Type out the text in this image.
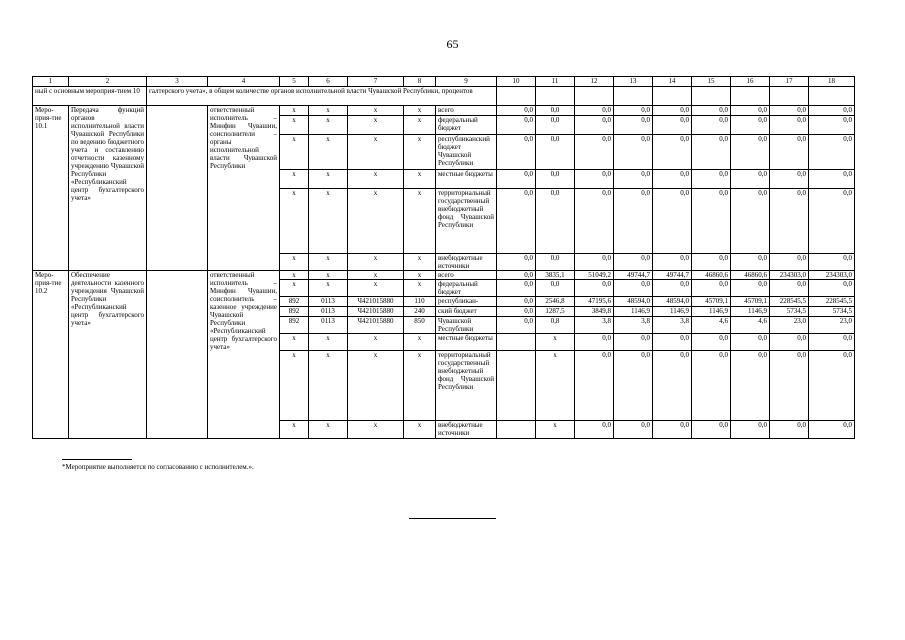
65
1	2	3	4	5	6	7	8	9	10	11	12	13	14	15	16	17	18
ный с основным мероприя-тием 10		галтерского учета», в общем количестве органов исполнительной власти Чувашской Республики, процентов															
Меро-прия-тие 10.1	Передача функций органов исполнительной власти Чувашской Республики по ведению бюджетного учета и составлению отчетности казенному учреждению Чувашской Республики «Республиканский центр бухгалтерского учета»		ответственный исполнитель – Минфин Чувашии, соисполнители – органы исполнительной власти Чувашской Республики	x	x	x	x	всего	0,0	0,0	0,0	0,0	0,0	0,0	0,0	0,0	0,0
				x	x	x	x	федеральный бюджет	0,0	0,0	0,0	0,0	0,0	0,0	0,0	0,0	0,0
				x	x	x	x	республиканский бюджет Чувашской Республики	0,0	0,0	0,0	0,0	0,0	0,0	0,0	0,0	0,0
				x	x	x	x	местные бюджеты	0,0	0,0	0,0	0,0	0,0	0,0	0,0	0,0	0,0
				x	x	x	x	территориальный государственный внебюджетный фонд Чувашской Республики	0,0	0,0	0,0	0,0	0,0	0,0	0,0	0,0	0,0
				x	x	x	x	внебюджетные источники	0,0	0,0	0,0	0,0	0,0	0,0	0,0	0,0	0,0
Меро-прия-тие 10.2	Обеспечение деятельности казенного учреждения Чувашской Республики «Республиканский центр бухгалтерского учета»		ответственный исполнитель – Минфин Чувашии, соисполнитель – казенное учреждение Чувашской Республики «Республиканский центр бухгалтерского учета»	x	x	x	x	всего	0,0	3835,1	51049,2	49744,7	49744,7	46860,6	46860,6	234303,0	234303,0
				x	x	x	x	федеральный бюджет	0,0	0,0	0,0	0,0	0,0	0,0	0,0	0,0	0,0
				892	0113	Ч421015880	110	республикан-	0,0	2546,8	47195,6	48594,0	48594,0	45709,1	45709,1	228545,5	228545,5
				892	0113	Ч421015880	240	ский бюджет	0,0	1287,5	3849,8	1146,9	1146,9	1146,9	1146,9	5734,5	5734,5
				892	0113	Ч421015880	850	Чувашской Республики	0,0	0,8	3,8	3,8	3,8	4,6	4,6	23,0	23,0
				x	x	x	x	местные бюджеты		x	0,0	0,0	0,0	0,0	0,0	0,0	0,0
				x	x	x	x	территориальный государственный внебюджетный фонд Чувашской Республики		x	0,0	0,0	0,0	0,0	0,0	0,0	0,0
				x	x	x	x	внебюджетные источники		x	0,0	0,0	0,0	0,0	0,0	0,0	0,0
*Мероприятие выполняется по согласованию с исполнителем.».
